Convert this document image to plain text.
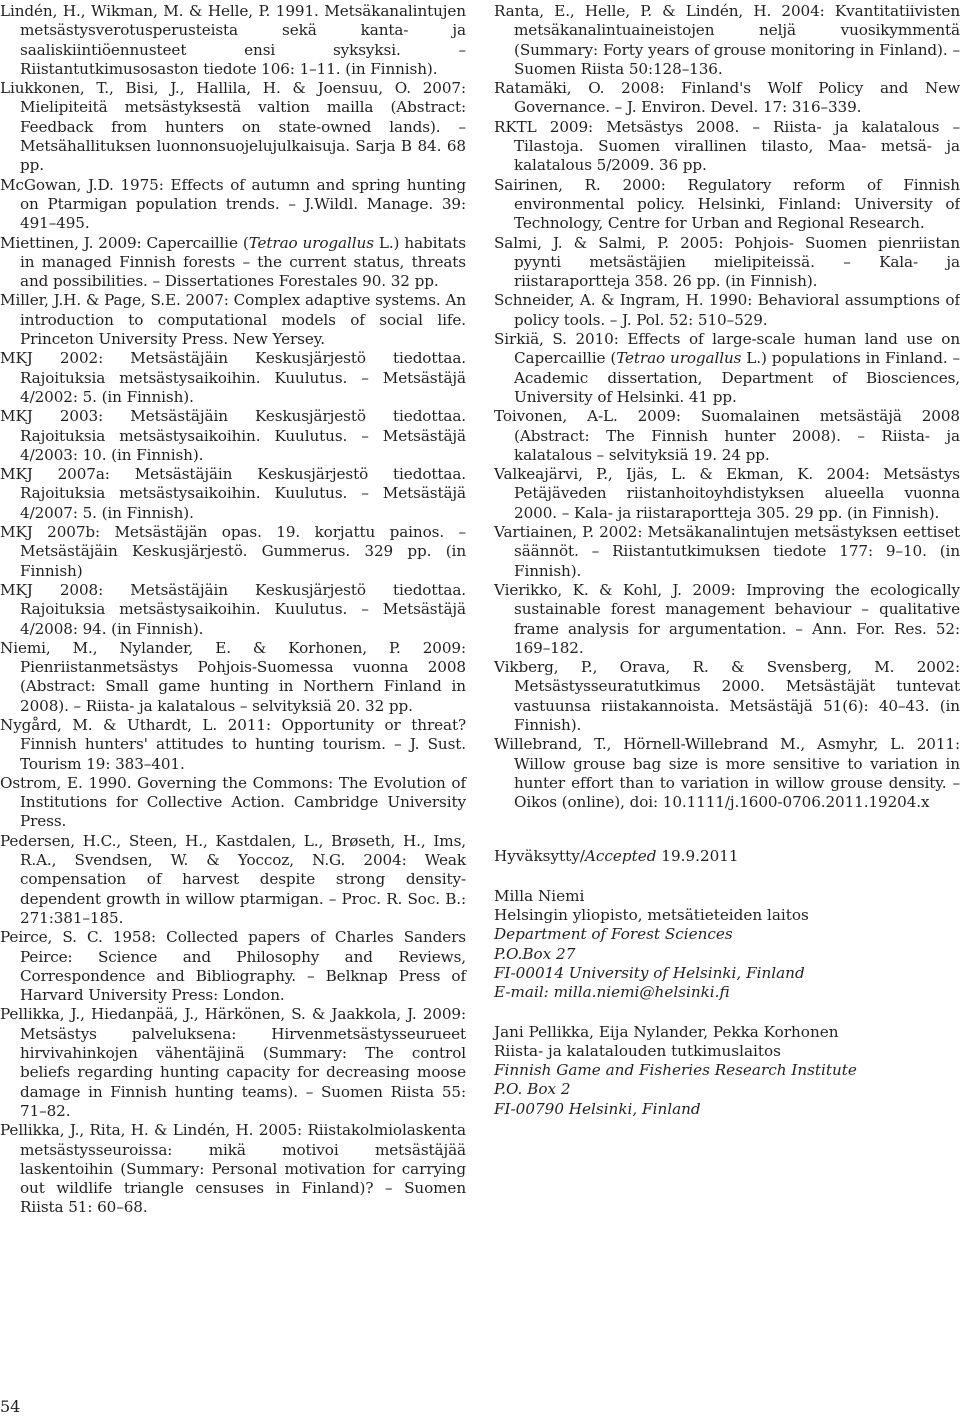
Lindén, H., Wikman, M. & Helle, P. 1991. Metsäkanalintujen metsästysverotusperusteista sekä kanta- ja saaliskiintiöennusteet ensi syksyksi. – Riistantutkimusosaston tiedote 106: 1–11. (in Finnish).

Liukkonen, T., Bisi, J., Hallila, H. & Joensuu, O. 2007: Mielipiteitä metsästyksestä valtion mailla (Abstract: Feedback from hunters on state-owned lands). – Metsähallituksen luonnonsuojelujulkaisuja. Sarja B 84. 68 pp.

McGowan, J.D. 1975: Effects of autumn and spring hunting on Ptarmigan population trends. – J.Wildl. Manage. 39: 491–495.

Miettinen, J. 2009: Capercaillie (Tetrao urogallus L.) habitats in managed Finnish forests – the current status, threats and possibilities. – Dissertationes Forestales 90. 32 pp.

Miller, J.H. & Page, S.E. 2007: Complex adaptive systems. An introduction to computational models of social life. Princeton University Press. New Yersey.

MKJ 2002: Metsästäjäin Keskusjärjestö tiedottaa. Rajoituksia metsästysaikoihin. Kuulutus. – Metsästäjä 4/2002: 5. (in Finnish).

MKJ 2003: Metsästäjäin Keskusjärjestö tiedottaa. Rajoituksia metsästysaikoihin. Kuulutus. – Metsästäjä 4/2003: 10. (in Finnish).

MKJ 2007a: Metsästäjäin Keskusjärjestö tiedottaa. Rajoituksia metsästysaikoihin. Kuulutus. – Metsästäjä 4/2007: 5. (in Finnish).

MKJ 2007b: Metsästäjän opas. 19. korjattu painos. – Metsästäjäin Keskusjärjestö. Gummerus. 329 pp. (in Finnish)

MKJ 2008: Metsästäjäin Keskusjärjestö tiedottaa. Rajoituksia metsästysaikoihin. Kuulutus. – Metsästäjä 4/2008: 94. (in Finnish).

Niemi, M., Nylander, E. & Korhonen, P. 2009: Pienriistanmetsästys Pohjois-Suomessa vuonna 2008 (Abstract: Small game hunting in Northern Finland in 2008). – Riista- ja kalatalous – selvityksiä 20. 32 pp.

Nygård, M. & Uthardt, L. 2011: Opportunity or threat? Finnish hunters' attitudes to hunting tourism. – J. Sust. Tourism 19: 383–401.

Ostrom, E. 1990. Governing the Commons: The Evolution of Institutions for Collective Action. Cambridge University Press.

Pedersen, H.C., Steen, H., Kastdalen, L., Brøseth, H., Ims, R.A., Svendsen, W. & Yoccoz, N.G. 2004: Weak compensation of harvest despite strong density-dependent growth in willow ptarmigan. – Proc. R. Soc. B.: 271:381–185.

Peirce, S. C. 1958: Collected papers of Charles Sanders Peirce: Science and Philosophy and Reviews, Correspondence and Bibliography. – Belknap Press of Harvard University Press: London.

Pellikka, J., Hiedanpää, J., Härkönen, S. & Jaakkola, J. 2009: Metsästys palveluksena: Hirvenmetsästysseurueet hirvivahinkojen vähentäjinä (Summary: The control beliefs regarding hunting capacity for decreasing moose damage in Finnish hunting teams). – Suomen Riista 55: 71–82.

Pellikka, J., Rita, H. & Lindén, H. 2005: Riistakolmiolaskenta metsästysseuroissa: mikä motivoi metsästäjää laskentoihin (Summary: Personal motivation for carrying out wildlife triangle censuses in Finland)? – Suomen Riista 51: 60–68.

Ranta, E., Helle, P. & Lindén, H. 2004: Kvantitatiivisten metsäkanalintuaineistojen neljä vuosikymmentä (Summary: Forty years of grouse monitoring in Finland). – Suomen Riista 50:128–136.

Ratamäki, O. 2008: Finland's Wolf Policy and New Governance. – J. Environ. Devel. 17: 316–339.

RKTL 2009: Metsästys 2008. – Riista- ja kalatalous – Tilastoja. Suomen virallinen tilasto, Maa- metsä- ja kalatalous 5/2009. 36 pp.

Sairinen, R. 2000: Regulatory reform of Finnish environmental policy. Helsinki, Finland: University of Technology, Centre for Urban and Regional Research.

Salmi, J. & Salmi, P. 2005: Pohjois- Suomen pienriistan pyynti metsästäjien mielipiteissä. – Kala- ja riistaraportteja 358. 26 pp. (in Finnish).

Schneider, A. & Ingram, H. 1990: Behavioral assumptions of policy tools. – J. Pol. 52: 510–529.

Sirkiä, S. 2010: Effects of large-scale human land use on Capercaillie (Tetrao urogallus L.) populations in Finland. – Academic dissertation, Department of Biosciences, University of Helsinki. 41 pp.

Toivonen, A-L. 2009: Suomalainen metsästäjä 2008 (Abstract: The Finnish hunter 2008). – Riista- ja kalatalous – selvityksiä 19. 24 pp.

Valkeajärvi, P., Ijäs, L. & Ekman, K. 2004: Metsästys Petäjäveden riistanhoitoyhdistyksen alueella vuonna 2000. – Kala- ja riistaraportteja 305. 29 pp. (in Finnish).

Vartiainen, P. 2002: Metsäkanalintujen metsästyksen eettiset säännöt. – Riistantutkimuksen tiedote 177: 9–10. (in Finnish).

Vierikko, K. & Kohl, J. 2009: Improving the ecologically sustainable forest management behaviour – qualitative frame analysis for argumentation. – Ann. For. Res. 52: 169–182.

Vikberg, P., Orava, R. & Svensberg, M. 2002: Metsästysseuratutkimus 2000. Metsästäjät tuntevat vastuunsa riistakannoista. Metsästäjä 51(6): 40–43. (in Finnish).

Willebrand, T., Hörnell-Willebrand M., Asmyhr, L. 2011: Willow grouse bag size is more sensitive to variation in hunter effort than to variation in willow grouse density. – Oikos (online), doi: 10.1111/j.1600-0706.2011.19204.x

Hyväksytty/Accepted 19.9.2011

Milla Niemi
Helsingin yliopisto, metsätieteiden laitos
Department of Forest Sciences
P.O.Box 27
FI-00014 University of Helsinki, Finland
E-mail: milla.niemi@helsinki.fi
Jani Pellikka, Eija Nylander, Pekka Korhonen
Riista- ja kalatalouden tutkimuslaitos
Finnish Game and Fisheries Research Institute
P.O. Box 2
FI-00790 Helsinki, Finland
54
